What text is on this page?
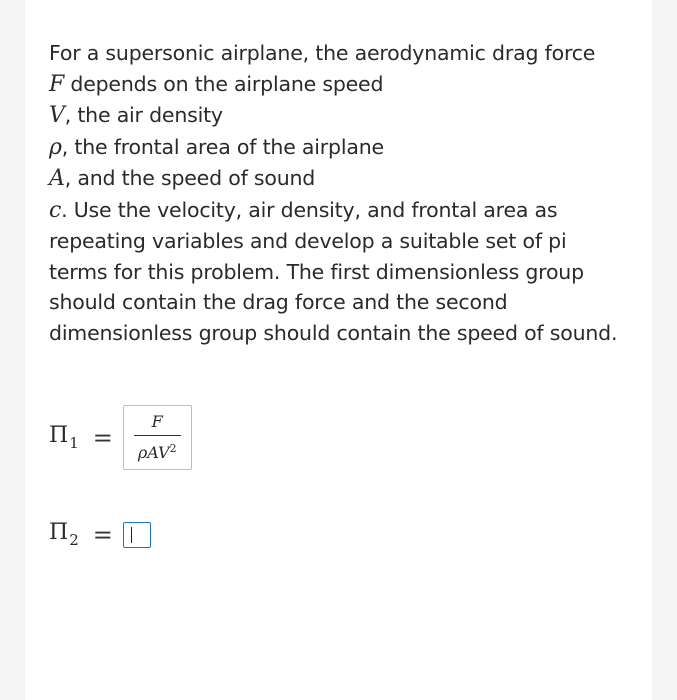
For a supersonic airplane, the aerodynamic drag force
F depends on the airplane speed
V, the air density
ρ, the frontal area of the airplane
A, and the speed of sound
c. Use the velocity, air density, and frontal area as
repeating variables and develop a suitable set of pi
terms for this problem. The first dimensionless group
should contain the drag force and the second
dimensionless group should contain the speed of sound.
$\Pi_1 = \frac{F}{\rho AV^2}$
$\Pi_2$ =
